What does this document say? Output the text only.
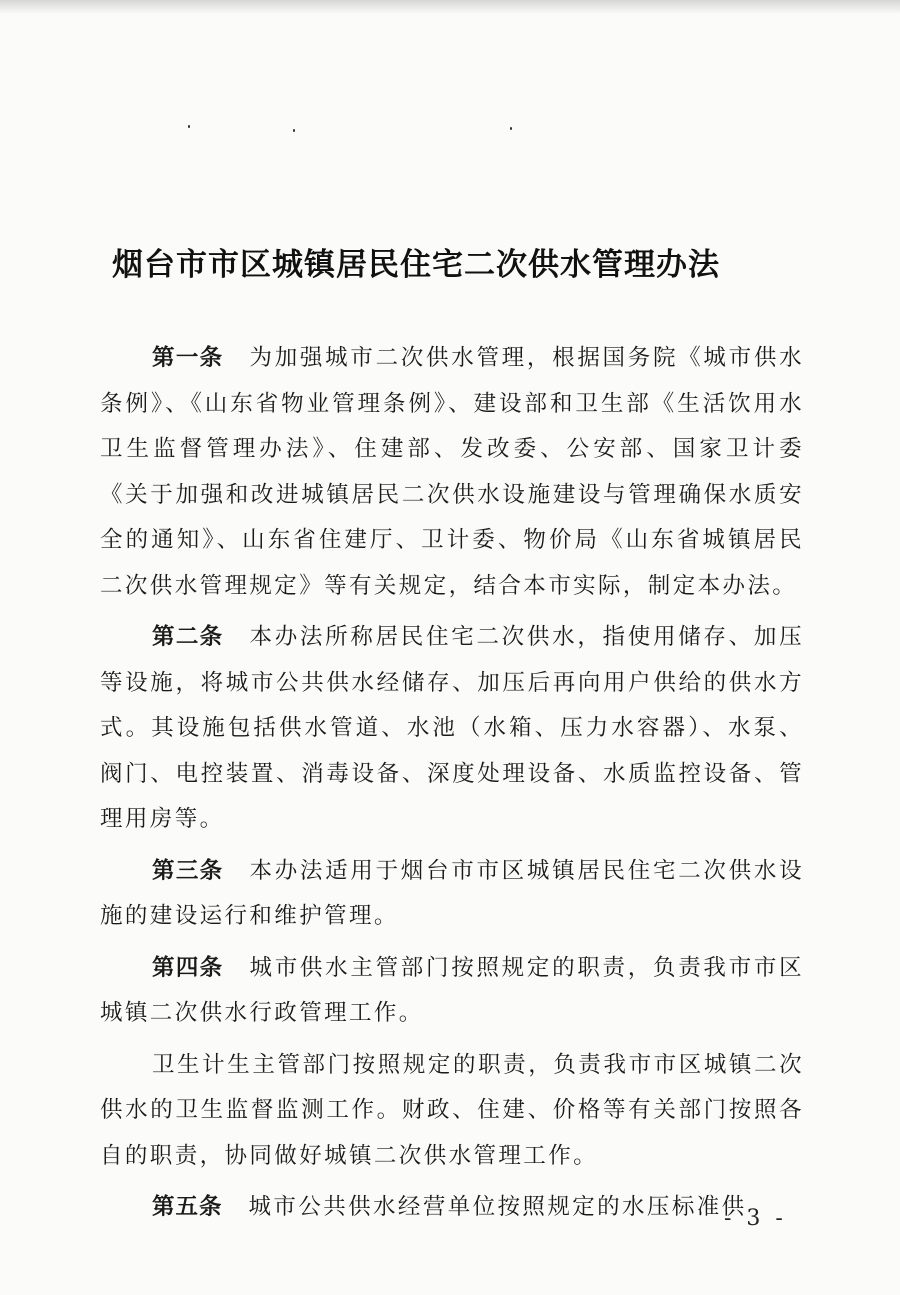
烟台市市区城镇居民住宅二次供水管理办法

第一条 为加强城市二次供水管理，根据国务院《城市供水条例》、《山东省物业管理条例》、建设部和卫生部《生活饮用水卫生监督管理办法》、住建部、发改委、公安部、国家卫计委《关于加强和改进城镇居民二次供水设施建设与管理确保水质安全的通知》、山东省住建厅、卫计委、物价局《山东省城镇居民二次供水管理规定》等有关规定，结合本市实际，制定本办法。

第二条 本办法所称居民住宅二次供水，指使用储存、加压等设施，将城市公共供水经储存、加压后再向用户供给的供水方式。其设施包括供水管道、水池（水箱、压力水容器）、水泵、阀门、电控装置、消毒设备、深度处理设备、水质监控设备、管理用房等。

第三条 本办法适用于烟台市市区城镇居民住宅二次供水设施的建设运行和维护管理。

第四条 城市供水主管部门按照规定的职责，负责我市市区城镇二次供水行政管理工作。

卫生计生主管部门按照规定的职责，负责我市市区城镇二次供水的卫生监督监测工作。财政、住建、价格等有关部门按照各自的职责，协同做好城镇二次供水管理工作。

第五条 城市公共供水经营单位按照规定的水压标准供

- 3 -
